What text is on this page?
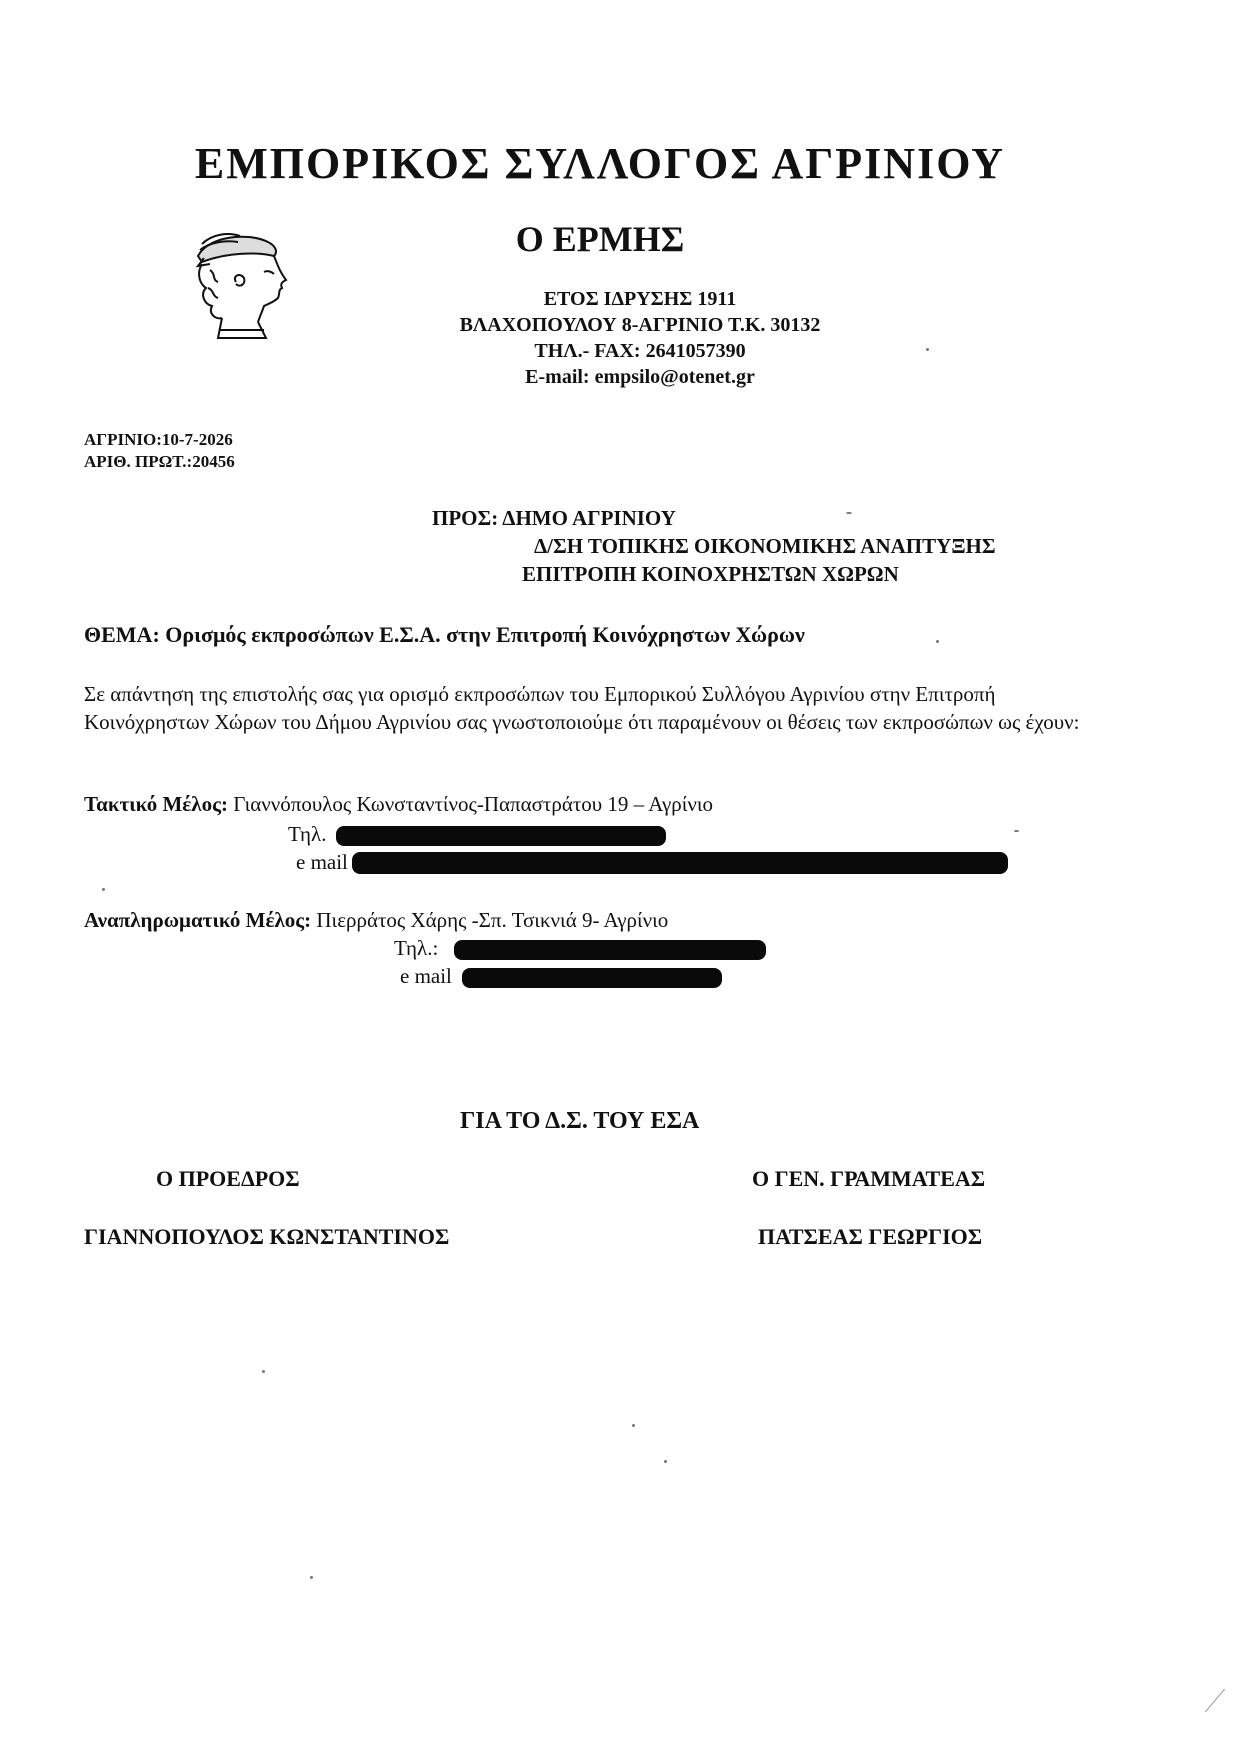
ΕΜΠΟΡΙΚΟΣ ΣΥΛΛΟΓΟΣ ΑΓΡΙΝΙΟΥ
Ο ΕΡΜΗΣ
ΕΤΟΣ ΙΔΡΥΣΗΣ 1911
ΒΛΑΧΟΠΟΥΛΟΥ 8-ΑΓΡΙΝΙΟ Τ.Κ. 30132
ΤΗΛ.- FAX: 2641057390
E-mail: empsilo@otenet.gr
ΑΓΡΙΝΙΟ:10-7-2026
ΑΡΙΘ. ΠΡΩΤ.:20456
ΠΡΟΣ: ΔΗΜΟ ΑΓΡΙΝΙΟΥ
Δ/ΣΗ ΤΟΠΙΚΗΣ ΟΙΚΟΝΟΜΙΚΗΣ ΑΝΑΠΤΥΞΗΣ
ΕΠΙΤΡΟΠΗ ΚΟΙΝΟΧΡΗΣΤΩΝ ΧΩΡΩΝ
ΘΕΜΑ: Ορισμός εκπροσώπων Ε.Σ.Α. στην Επιτροπή Κοινόχρηστων Χώρων
Σε απάντηση της επιστολής σας για ορισμό εκπροσώπων του Εμπορικού Συλλόγου Αγρινίου στην Επιτροπή Κοινόχρηστων Χώρων του Δήμου Αγρινίου σας γνωστοποιούμε ότι παραμένουν οι θέσεις των εκπροσώπων ως έχουν:
Τακτικό Μέλος: Γιαννόπουλος Κωνσταντίνος-Παπαστράτου 19 – Αγρίνιο
Τηλ.
e mail
Αναπληρωματικό Μέλος: Πιερράτος Χάρης -Σπ. Τσικνιά 9- Αγρίνιο
Τηλ.:
e mail
ΓΙΑ ΤΟ Δ.Σ. ΤΟΥ ΕΣΑ
Ο ΠΡΟΕΔΡΟΣ
ΓΙΑΝΝΟΠΟΥΛΟΣ ΚΩΝΣΤΑΝΤΙΝΟΣ
Ο ΓΕΝ. ΓΡΑΜΜΑΤΕΑΣ
ΠΑΤΣΕΑΣ ΓΕΩΡΓΙΟΣ
